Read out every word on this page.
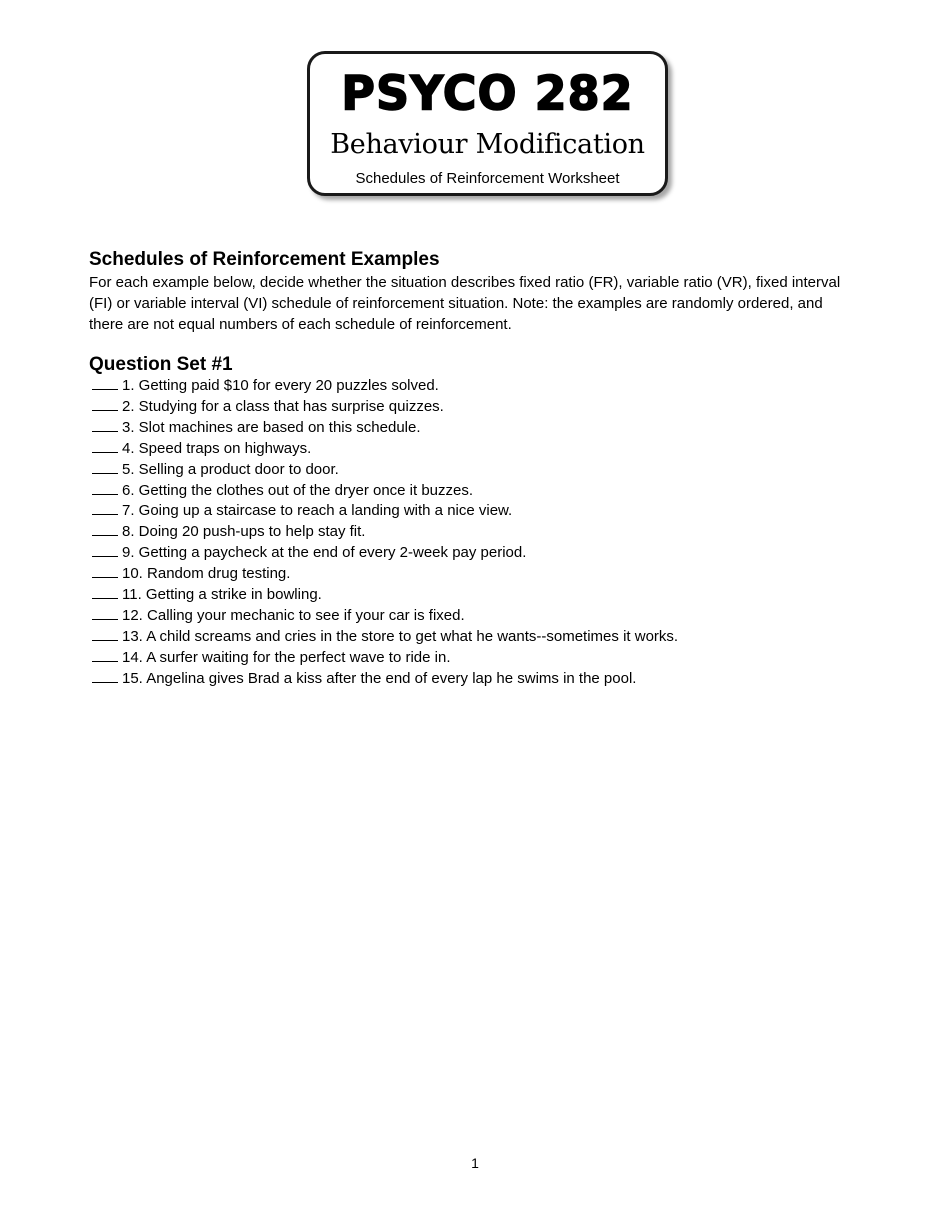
PSYCO 282
Behaviour Modification
Schedules of Reinforcement Worksheet
Schedules of Reinforcement Examples

For each example below, decide whether the situation describes fixed ratio (FR), variable ratio (VR), fixed interval (FI) or variable interval (VI) schedule of reinforcement situation. Note: the examples are randomly ordered, and there are not equal numbers of each schedule of reinforcement.

Question Set #1
1. Getting paid $10 for every 20 puzzles solved.
2. Studying for a class that has surprise quizzes.
3. Slot machines are based on this schedule.
4. Speed traps on highways.
5. Selling a product door to door.
6. Getting the clothes out of the dryer once it buzzes.
7. Going up a staircase to reach a landing with a nice view.
8. Doing 20 push-ups to help stay fit.
9. Getting a paycheck at the end of every 2-week pay period.
10. Random drug testing.
11. Getting a strike in bowling.
12. Calling your mechanic to see if your car is fixed.
13. A child screams and cries in the store to get what he wants--sometimes it works.
14. A surfer waiting for the perfect wave to ride in.
15. Angelina gives Brad a kiss after the end of every lap he swims in the pool.
1
